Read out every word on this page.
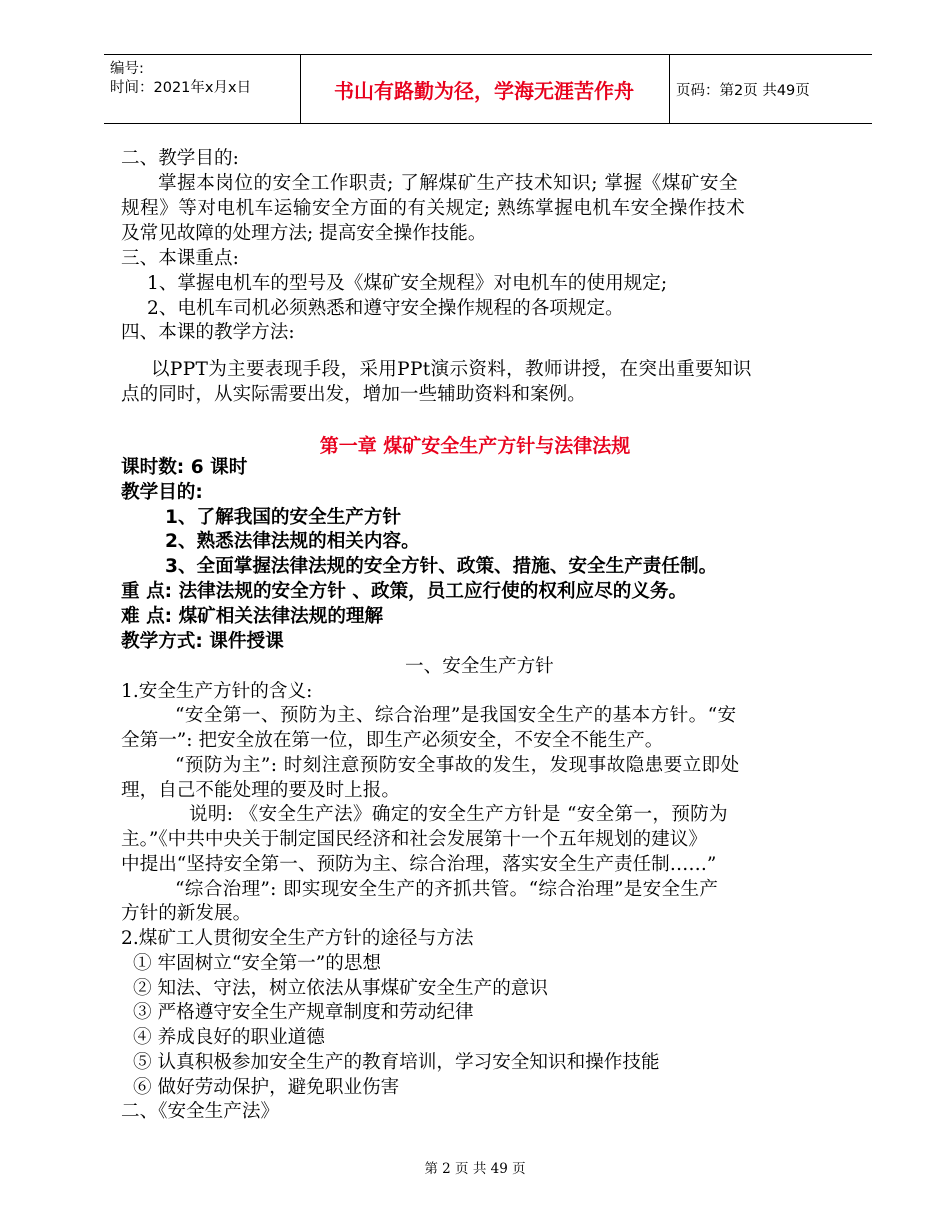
编号:
时间：2021年x月x日	书山有路勤为径，学海无涯苦作舟	页码：第2页 共49页
二、教学目的:
掌握本岗位的安全工作职责; 了解煤矿生产技术知识; 掌握《煤矿安全
规程》等对电机车运输安全方面的有关规定; 熟练掌握电机车安全操作技术
及常见故障的处理方法; 提高安全操作技能。
三、本课重点:
1、掌握电机车的型号及《煤矿安全规程》对电机车的使用规定;
2、电机车司机必须熟悉和遵守安全操作规程的各项规定。
四、本课的教学方法:
以PPT为主要表现手段，采用PPt演示资料，教师讲授，在突出重要知识
点的同时，从实际需要出发，增加一些辅助资料和案例。
第一章 煤矿安全生产方针与法律法规
课时数: 6 课时
教学目的:
1、了解我国的安全生产方针
2、熟悉法律法规的相关内容。
3、全面掌握法律法规的安全方针、政策、措施、安全生产责任制。
重 点: 法律法规的安全方针 、政策，员工应行使的权利应尽的义务。
难 点: 煤矿相关法律法规的理解
教学方式: 课件授课
一、安全生产方针
1.安全生产方针的含义:
“安全第一、预防为主、综合治理”是我国安全生产的基本方针。“安
全第一”: 把安全放在第一位，即生产必须安全，不安全不能生产。
“预防为主”: 时刻注意预防安全事故的发生，发现事故隐患要立即处
理，自己不能处理的要及时上报。
说明: 《安全生产法》确定的安全生产方针是 “安全第一，预防为
主。”《中共中央关于制定国民经济和社会发展第十一个五年规划的建议》
中提出“坚持安全第一、预防为主、综合治理，落实安全生产责任制……”
“综合治理”: 即实现安全生产的齐抓共管。“综合治理”是安全生产
方针的新发展。
2.煤矿工人贯彻安全生产方针的途径与方法
① 牢固树立“安全第一”的思想
② 知法、守法，树立依法从事煤矿安全生产的意识
③ 严格遵守安全生产规章制度和劳动纪律
④ 养成良好的职业道德
⑤ 认真积极参加安全生产的教育培训，学习安全知识和操作技能
⑥ 做好劳动保护，避免职业伤害
二、《安全生产法》
第 2 页 共 49 页
